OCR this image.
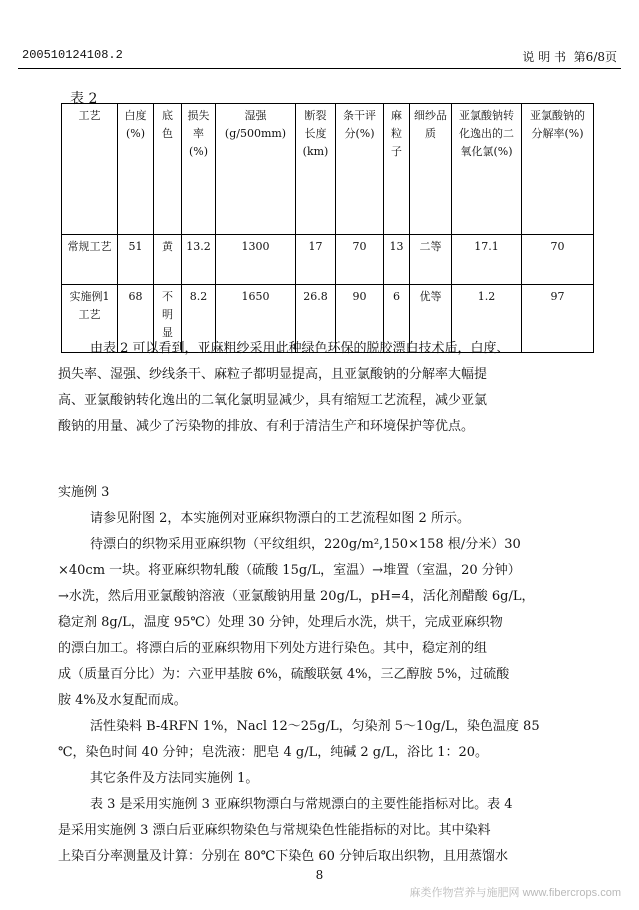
200510124108.2	说 明 书  第6/8页
表 2
工艺	白度(%)	底色	损失率(%)	湿强(g/500mm)	断裂长度(km)	条干评分(%)	麻粒子	细纱品质	亚氯酸钠转化逸出的二氧化氯(%)	亚氯酸钠的分解率(%)
常规工艺	51	黄	13.2	1300	17	70	13	二等	17.1	70
实施例1工艺	68	不明显	8.2	1650	26.8	90	6	优等	1.2	97
由表 2 可以看到，亚麻粗纱采用此种绿色环保的脱胶漂白技术后，白度、
损失率、湿强、纱线条干、麻粒子都明显提高，且亚氯酸钠的分解率大幅提
高、亚氯酸钠转化逸出的二氧化氯明显减少，具有缩短工艺流程，减少亚氯
酸钠的用量、减少了污染物的排放、有利于清洁生产和环境保护等优点。
实施例 3
请参见附图 2，本实施例对亚麻织物漂白的工艺流程如图 2 所示。
待漂白的织物采用亚麻织物（平纹组织，220g/m²,150×158 根/分米）30
×40cm 一块。将亚麻织物轧酸（硫酸 15g/L，室温）→堆置（室温，20 分钟）
→水洗，然后用亚氯酸钠溶液（亚氯酸钠用量 20g/L，pH=4，活化剂醋酸 6g/L，
稳定剂 8g/L，温度 95℃）处理 30 分钟，处理后水洗，烘干，完成亚麻织物
的漂白加工。将漂白后的亚麻织物用下列处方进行染色。其中，稳定剂的组
成（质量百分比）为：六亚甲基胺 6%，硫酸联氨 4%，三乙醇胺 5%，过硫酸
胺 4%及水复配而成。
活性染料 B-4RFN 1%，Nacl 12～25g/L，匀染剂 5～10g/L，染色温度 85
℃，染色时间 40 分钟；皂洗液：肥皂 4 g/L，纯碱 2 g/L，浴比 1：20。
其它条件及方法同实施例 1。
表 3 是采用实施例 3 亚麻织物漂白与常规漂白的主要性能指标对比。表 4
是采用实施例 3 漂白后亚麻织物染色与常规染色性能指标的对比。其中染料
上染百分率测量及计算：分别在 80℃下染色 60 分钟后取出织物，且用蒸馏水
8
麻类作物营养与施肥网 www.fibercrops.com
